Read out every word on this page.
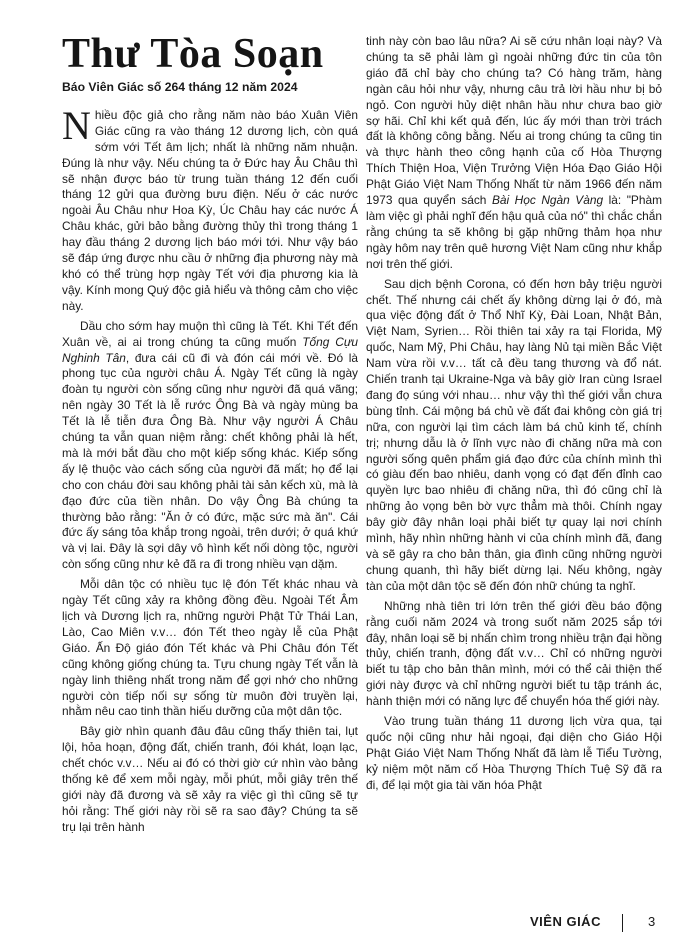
Thư Tòa Soạn
Báo Viên Giác số 264 tháng 12 năm 2024

Nhiều độc giả cho rằng năm nào báo Xuân Viên Giác cũng ra vào tháng 12 dương lịch, còn quá sớm với Tết âm lịch; nhất là những năm nhuận. Đúng là như vậy. Nếu chúng ta ở Đức hay Âu Châu thì sẽ nhận được báo từ trung tuần tháng 12 đến cuối tháng 12 gửi qua đường bưu điện. Nếu ở các nước ngoài Âu Châu như Hoa Kỳ, Úc Châu hay các nước Á Châu khác, gửi bảo bằng đường thủy thì trong tháng 1 hay đầu tháng 2 dương lịch báo mới tới. Như vậy báo sẽ đáp ứng được nhu cầu ở những địa phương này mà khó có thể trùng hợp ngày Tết với địa phương kia là vậy. Kính mong Quý độc giả hiểu và thông cảm cho việc này.

Dầu cho sớm hay muộn thì cũng là Tết. Khi Tết đến Xuân về, ai ai trong chúng ta cũng muốn Tống Cựu Nghinh Tân, đưa cái cũ đi và đón cái mới về. Đó là phong tục của người châu Á. Ngày Tết cũng là ngày đoàn tụ người còn sống cũng như người đã quá vãng; nên ngày 30 Tết là lễ rước Ông Bà và ngày mùng ba Tết là lễ tiễn đưa Ông Bà. Như vậy người Á Châu chúng ta vẫn quan niệm rằng: chết không phải là hết, mà là mới bắt đầu cho một kiếp sống khác. Kiếp sống ấy lệ thuộc vào cách sống của người đã mất; họ để lại cho con cháu đời sau không phải tài sản kếch xù, mà là đạo đức của tiền nhân. Do vậy Ông Bà chúng ta thường bảo rằng: "Ăn ở có đức, mặc sức mà ăn". Cái đức ấy sáng tỏa khắp trong ngoài, trên dưới; ở quá khứ và vị lai. Đây là sợi dây vô hình kết nối dòng tộc, người còn sống cũng như kẻ đã ra đi trong nhiều vạn dặm.

Mỗi dân tộc có nhiều tục lệ đón Tết khác nhau và ngày Tết cũng xảy ra không đồng đều. Ngoài Tết Âm lịch và Dương lịch ra, những người Phật Tử Thái Lan, Lào, Cao Miên v.v… đón Tết theo ngày lễ của Phật Giáo. Ấn Độ giáo đón Tết khác và Phi Châu đón Tết cũng không giống chúng ta. Tựu chung ngày Tết vẫn là ngày linh thiêng nhất trong năm để gợi nhớ cho những người còn tiếp nối sự sống từ muôn đời truyền lại, nhằm nêu cao tinh thần hiếu dưỡng của một dân tộc.

Bây giờ nhìn quanh đâu đâu cũng thấy thiên tai, lụt lội, hỏa hoạn, động đất, chiến tranh, đói khát, loạn lạc, chết chóc v.v… Nếu ai đó có thời giờ cứ nhìn vào bảng thống kê để xem mỗi ngày, mỗi phút, mỗi giây trên thế giới này đã đương và sẽ xảy ra việc gì thì cũng sẽ tự hỏi rằng: Thế giới này rồi sẽ ra sao đây? Chúng ta sẽ trụ lại trên hành

tinh này còn bao lâu nữa? Ai sẽ cứu nhân loại này? Và chúng ta sẽ phải làm gì ngoài những đức tin của tôn giáo đã chỉ bày cho chúng ta? Có hàng trăm, hàng ngàn câu hỏi như vậy, nhưng câu trả lời hầu như bị bỏ ngỏ. Con người hủy diệt nhân hầu như chưa bao giờ sợ hãi. Chỉ khi kết quả đến, lúc ấy mới than trời trách đất là không công bằng. Nếu ai trong chúng ta cũng tin và thực hành theo công hạnh của cố Hòa Thượng Thích Thiện Hoa, Viện Trưởng Viện Hóa Đạo Giáo Hội Phật Giáo Việt Nam Thống Nhất từ năm 1966 đến năm 1973 qua quyển sách Bài Học Ngàn Vàng là: "Phàm làm việc gì phải nghĩ đến hậu quả của nó" thì chắc chắn rằng chúng ta sẽ không bị gặp những thảm họa như ngày hôm nay trên quê hương Việt Nam cũng như khắp nơi trên thế giới.

Sau dịch bệnh Corona, có đến hơn bảy triệu người chết. Thế nhưng cái chết ấy không dừng lại ở đó, mà qua việc động đất ở Thổ Nhĩ Kỳ, Đài Loan, Nhật Bản, Việt Nam, Syrien… Rồi thiên tai xảy ra tại Florida, Mỹ quốc, Nam Mỹ, Phi Châu, hay làng Nủ tại miền Bắc Việt Nam vừa rồi v.v… tất cả đều tang thương và đổ nát. Chiến tranh tại Ukraine-Nga và bây giờ Iran cùng Israel đang đọ súng với nhau… như vậy thì thế giới vẫn chưa bùng tỉnh. Cái mộng bá chủ về đất đai không còn giá trị nữa, con người lại tìm cách làm bá chủ kinh tế, chính trị; nhưng dẫu là ở lĩnh vực nào đi chăng nữa mà con người sống quên phẩm giá đạo đức của chính mình thì có giàu đến bao nhiêu, danh vọng có đạt đến đỉnh cao quyền lực bao nhiêu đi chăng nữa, thì đó cũng chỉ là những ảo vọng bên bờ vực thẳm mà thôi. Chính ngay bây giờ đây nhân loại phải biết tự quay lại nơi chính mình, hãy nhìn những hành vi của chính mình đã, đang và sẽ gây ra cho bản thân, gia đình cũng những người chung quanh, thì hãy biết dừng lại. Nếu không, ngày tàn của một dân tộc sẽ đến đón nhữ chúng ta nghĩ.

Những nhà tiên tri lớn trên thế giới đều báo động rằng cuối năm 2024 và trong suốt năm 2025 sắp tới đây, nhân loại sẽ bị nhấn chìm trong nhiều trận đại hồng thủy, chiến tranh, động đất v.v… Chỉ có những người biết tu tập cho bản thân mình, mới có thể cải thiện thế giới này được và chỉ những người biết tu tập tránh ác, hành thiện mới có năng lực để chuyển hóa thế giới này.

Vào trung tuần tháng 11 dương lịch vừa qua, tại quốc nội cũng như hải ngoại, đại diện cho Giáo Hội Phật Giáo Việt Nam Thống Nhất đã làm lễ Tiểu Tường, kỷ niệm một năm cố Hòa Thượng Thích Tuệ Sỹ đã ra đi, để lại một gia tài văn hóa Phật

VIÊN GIÁC	3
